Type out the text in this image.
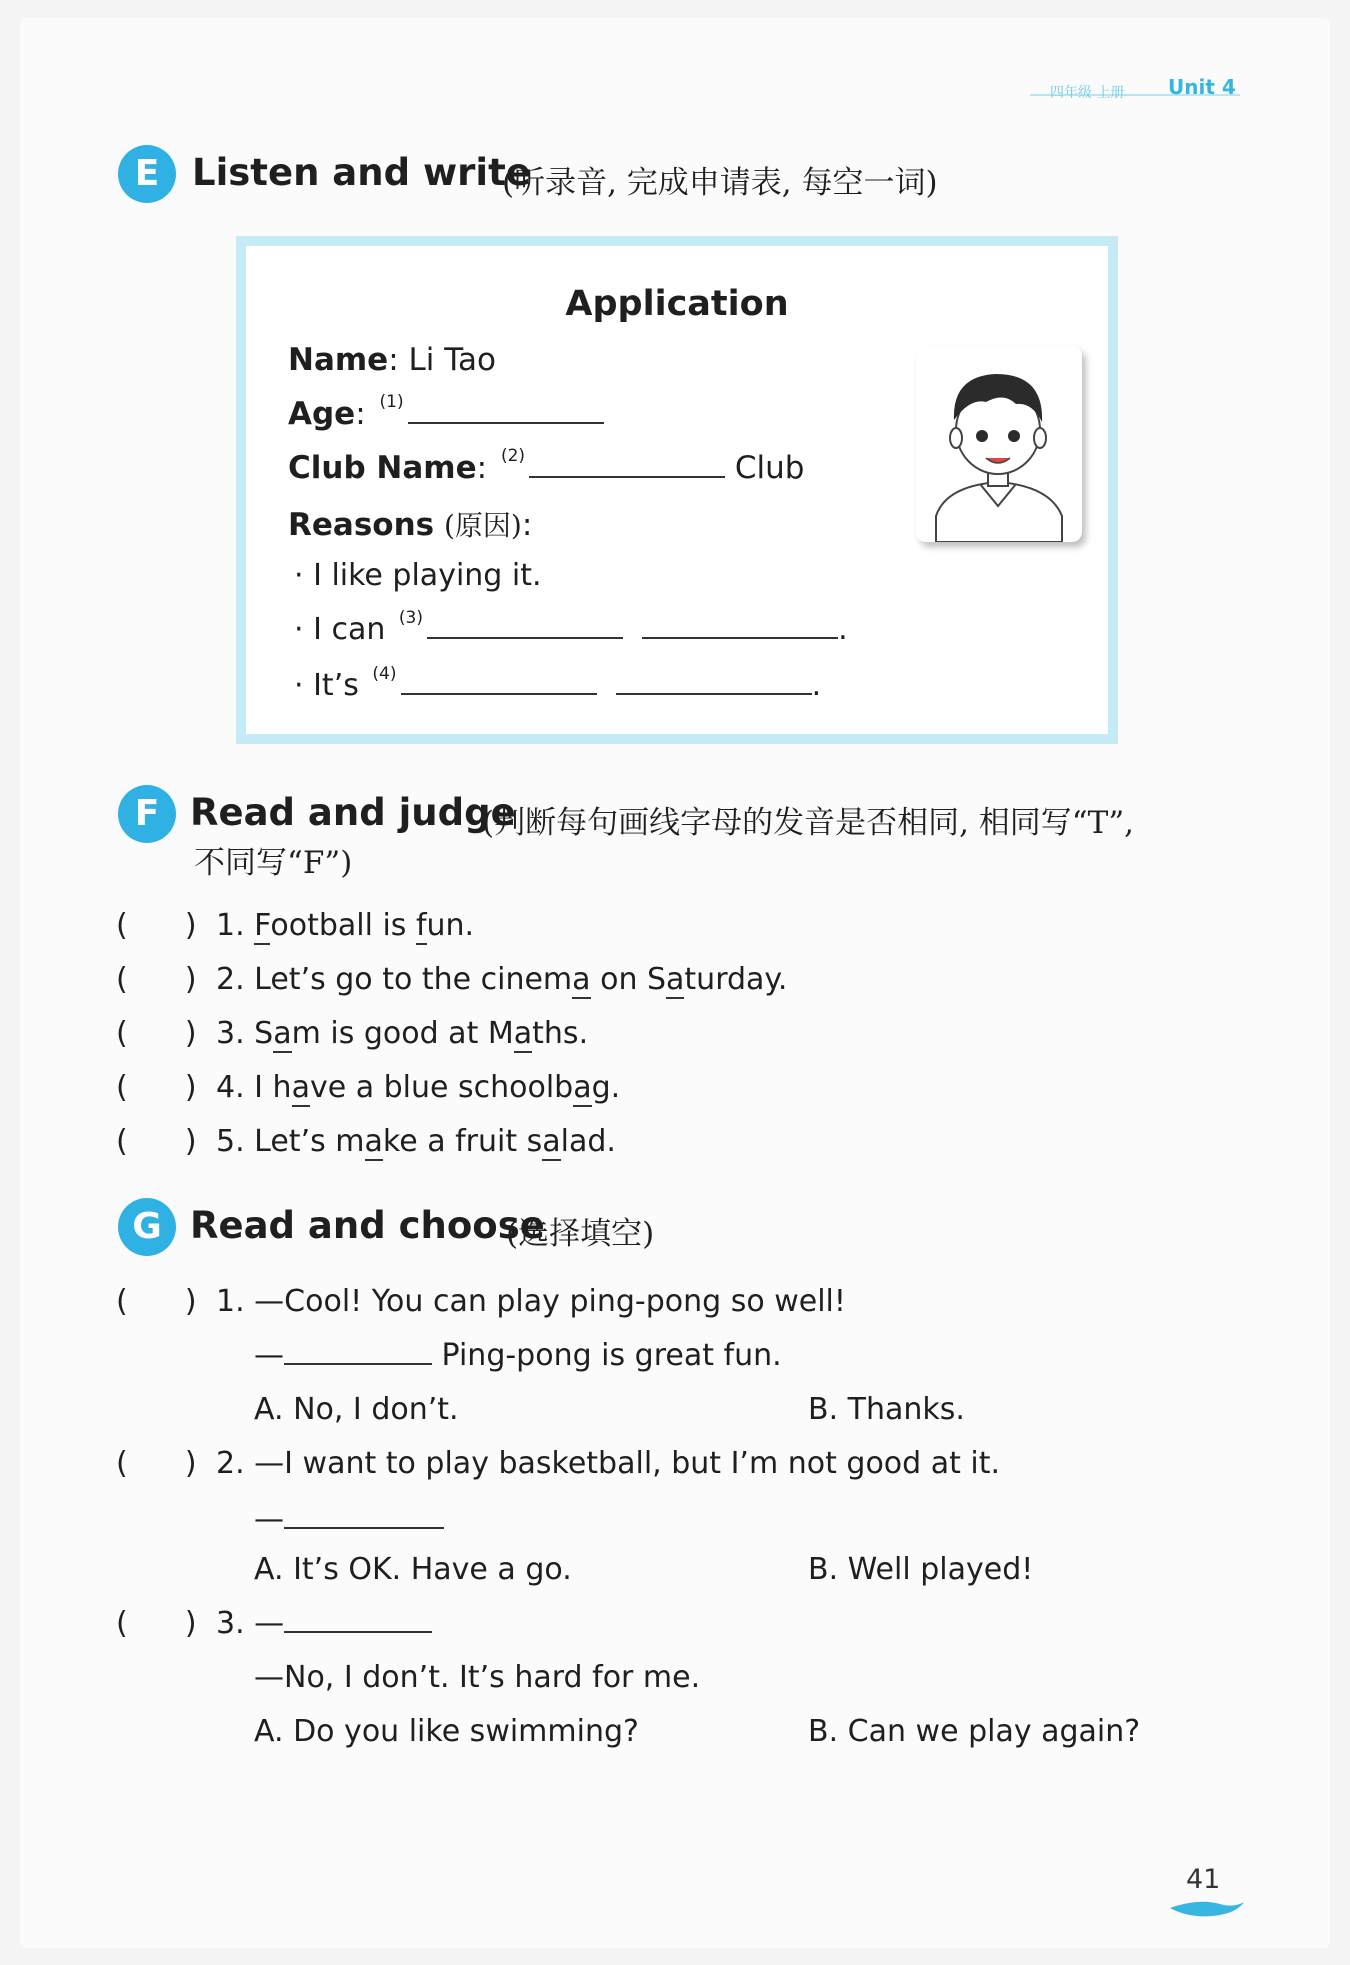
四年级 上册 Unit 4
E Listen and write
(听录音, 完成申请表, 每空一词)
Application
Name: Li Tao
Age: $^{(1)}$
Club Name: $^{(2)}$	Club
Reasons (原因):
· I like playing it.
· I can $^{(3)}$	.
· It’s $^{(4)}$	.
F Read and judge
(判断每句画线字母的发音是否相同, 相同写“T”,
不同写“F”)
(      ) 1. Football is fun.
(      ) 2. Let’s go to the cinema on Saturday.
(      ) 3. Sam is good at Maths.
(      ) 4. I have a blue schoolbag.
(      ) 5. Let’s make a fruit salad.
G Read and choose
(选择填空)
(      ) 1. —Cool! You can play ping-pong so well!
—	Ping-pong is great fun.
A. No, I don’t.	B. Thanks.
(      ) 2. —I want to play basketball, but I’m not good at it.
—
A. It’s OK. Have a go.	B. Well played!
(      ) 3. —
—No, I don’t. It’s hard for me.
A. Do you like swimming?	B. Can we play again?
41
